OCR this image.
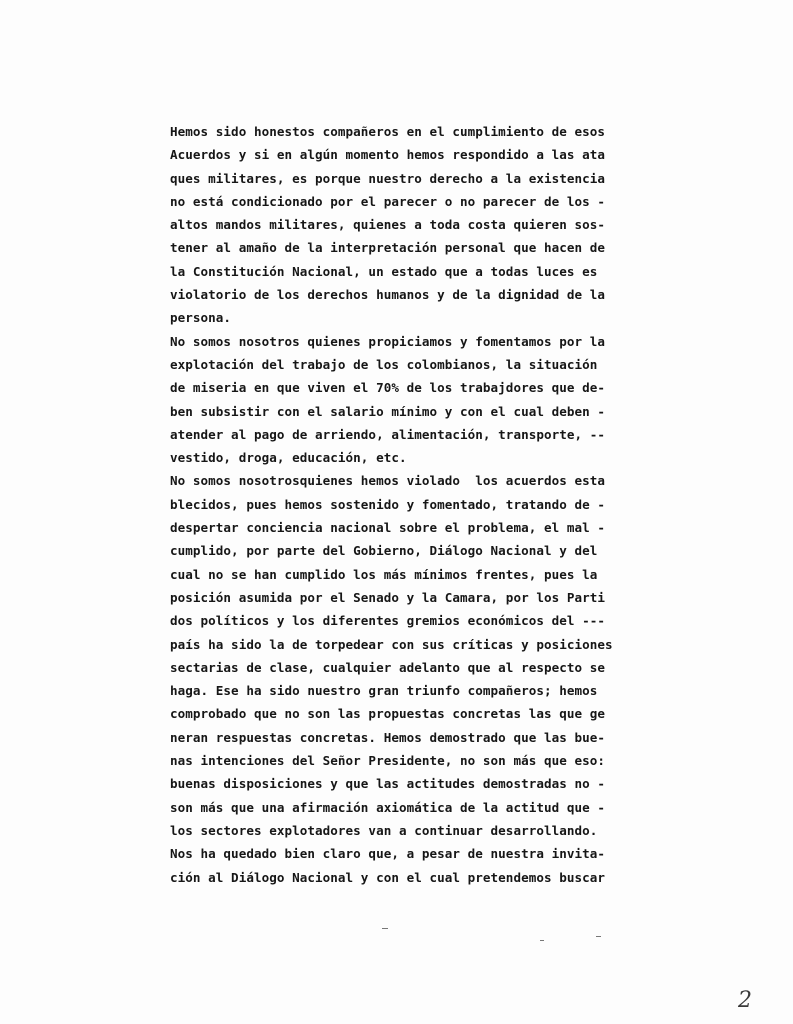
Hemos sido honestos compañeros en el cumplimiento de esos
Acuerdos y si en algún momento hemos respondido a las ata
ques militares, es porque nuestro derecho a la existencia
no está condicionado por el parecer o no parecer de los -
altos mandos militares, quienes a toda costa quieren sos-
tener al amaño de la interpretación personal que hacen de
la Constitución Nacional, un estado que a todas luces es
violatorio de los derechos humanos y de la dignidad de la
persona.
No somos nosotros quienes propiciamos y fomentamos por la
explotación del trabajo de los colombianos, la situación
de miseria en que viven el 70% de los trabajdores que de-
ben subsistir con el salario mínimo y con el cual deben -
atender al pago de arriendo, alimentación, transporte, --
vestido, droga, educación, etc.
No somos nosotrosquienes hemos violado  los acuerdos esta
blecidos, pues hemos sostenido y fomentado, tratando de -
despertar conciencia nacional sobre el problema, el mal -
cumplido, por parte del Gobierno, Diálogo Nacional y del
cual no se han cumplido los más mínimos frentes, pues la
posición asumida por el Senado y la Camara, por los Parti
dos políticos y los diferentes gremios económicos del ---
país ha sido la de torpedear con sus críticas y posiciones
sectarias de clase, cualquier adelanto que al respecto se
haga. Ese ha sido nuestro gran triunfo compañeros; hemos
comprobado que no son las propuestas concretas las que ge
neran respuestas concretas. Hemos demostrado que las bue-
nas intenciones del Señor Presidente, no son más que eso:
buenas disposiciones y que las actitudes demostradas no -
son más que una afirmación axiomática de la actitud que -
los sectores explotadores van a continuar desarrollando.
Nos ha quedado bien claro que, a pesar de nuestra invita-
ción al Diálogo Nacional y con el cual pretendemos buscar
2
